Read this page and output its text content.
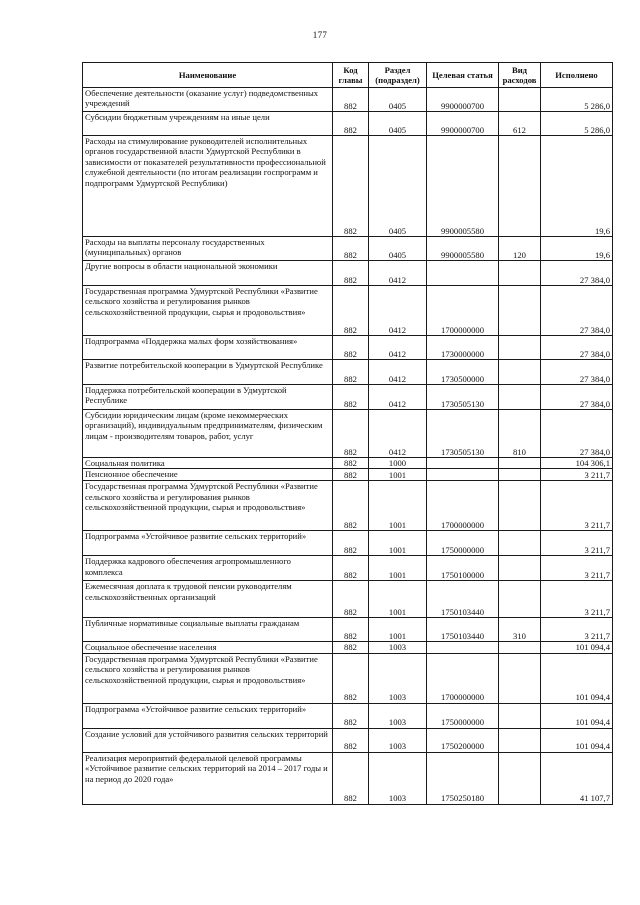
177
Наименование	Код главы	Раздел (подраздел)	Целевая статья	Вид расходов	Исполнено
Обеспечение деятельности (оказание услуг) подведомственных учреждений	882	0405	9900000700		5 286,0
Субсидии бюджетным учреждениям на иные цели	882	0405	9900000700	612	5 286,0
Расходы на стимулирование руководителей исполнительных органов государственной власти Удмуртской Республики в зависимости от показателей результативности профессиональной служебной деятельности (по итогам реализации госпрограмм и подпрограмм Удмуртской Республики)	882	0405	9900005580		19,6
Расходы на выплаты персоналу государственных (муниципальных) органов	882	0405	9900005580	120	19,6
Другие вопросы в области национальной экономики	882	0412			27 384,0
Государственная программа Удмуртской Республики «Развитие сельского хозяйства и регулирования рынков сельскохозяйственной продукции, сырья и продовольствия»	882	0412	1700000000		27 384,0
Подпрограмма «Поддержка малых форм хозяйствования»	882	0412	1730000000		27 384,0
Развитие потребительской кооперации в Удмуртской Республике	882	0412	1730500000		27 384,0
Поддержка потребительской кооперации в Удмуртской Республике	882	0412	1730505130		27 384,0
Субсидии юридическим лицам (кроме некоммерческих организаций), индивидуальным предпринимателям, физическим лицам - производителям товаров, работ, услуг	882	0412	1730505130	810	27 384,0
Социальная политика	882	1000			104 306,1
Пенсионное обеспечение	882	1001			3 211,7
Государственная программа Удмуртской Республики «Развитие сельского хозяйства и регулирования рынков сельскохозяйственной продукции, сырья и продовольствия»	882	1001	1700000000		3 211,7
Подпрограмма «Устойчивое развитие сельских территорий»	882	1001	1750000000		3 211,7
Поддержка кадрового обеспечения агропромышленного комплекса	882	1001	1750100000		3 211,7
Ежемесячная доплата к трудовой пенсии руководителям сельскохозяйственных организаций	882	1001	1750103440		3 211,7
Публичные нормативные социальные выплаты гражданам	882	1001	1750103440	310	3 211,7
Социальное обеспечение населения	882	1003			101 094,4
Государственная программа Удмуртской Республики «Развитие сельского хозяйства и регулирования рынков сельскохозяйственной продукции, сырья и продовольствия»	882	1003	1700000000		101 094,4
Подпрограмма «Устойчивое развитие сельских территорий»	882	1003	1750000000		101 094,4
Создание условий для устойчивого развития сельских территорий	882	1003	1750200000		101 094,4
Реализация мероприятий федеральной целевой программы «Устойчивое развитие сельских территорий на 2014 – 2017 годы и на период до 2020 года»	882	1003	1750250180		41 107,7
